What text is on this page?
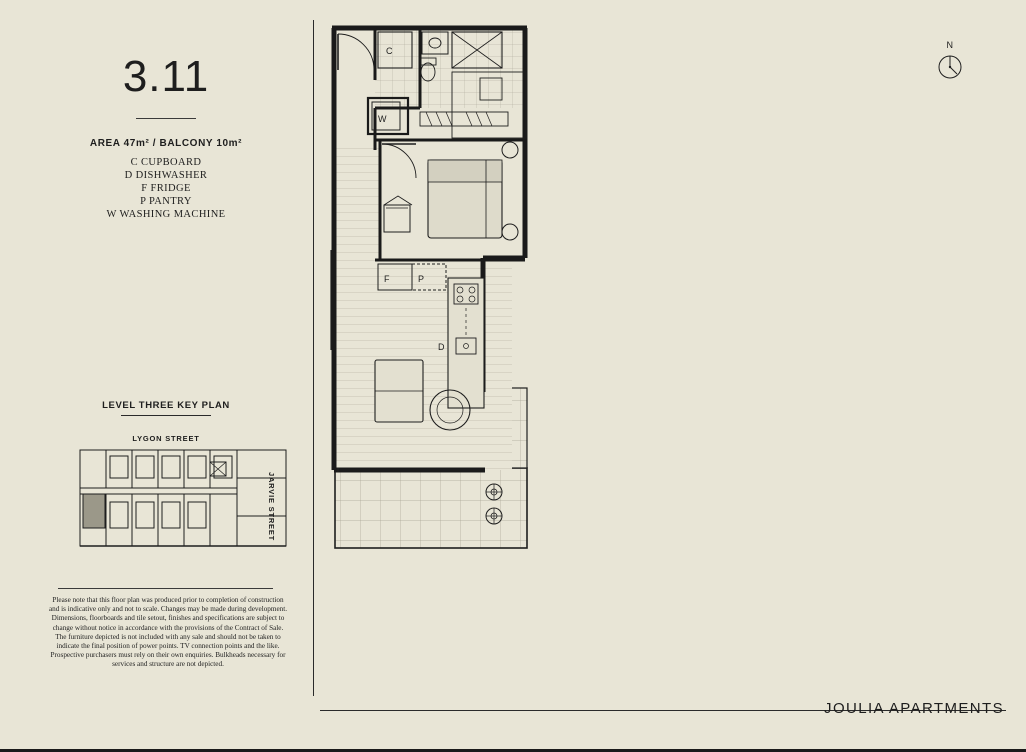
3.11
AREA 47m² / BALCONY 10m²
C CUPBOARD
D DISHWASHER
F FRIDGE
P PANTRY
W WASHING MACHINE
LEVEL THREE KEY PLAN
LYGON STREET
JARVIE STREET
Please note that this floor plan was produced prior to completion of construction and is indicative only and not to scale. Changes may be made during development. Dimensions, floorboards and tile setout, finishes and specifications are subject to change without notice in accordance with the provisions of the Contract of Sale. The furniture depicted is not included with any sale and should not be taken to indicate the final position of power points. TV connection points and the like. Prospective purchasers must rely on their own enquiries. Bulkheads necessary for services and structure are not depicted.
N
C
W
F	P
D
JOULIA APARTMENTS
